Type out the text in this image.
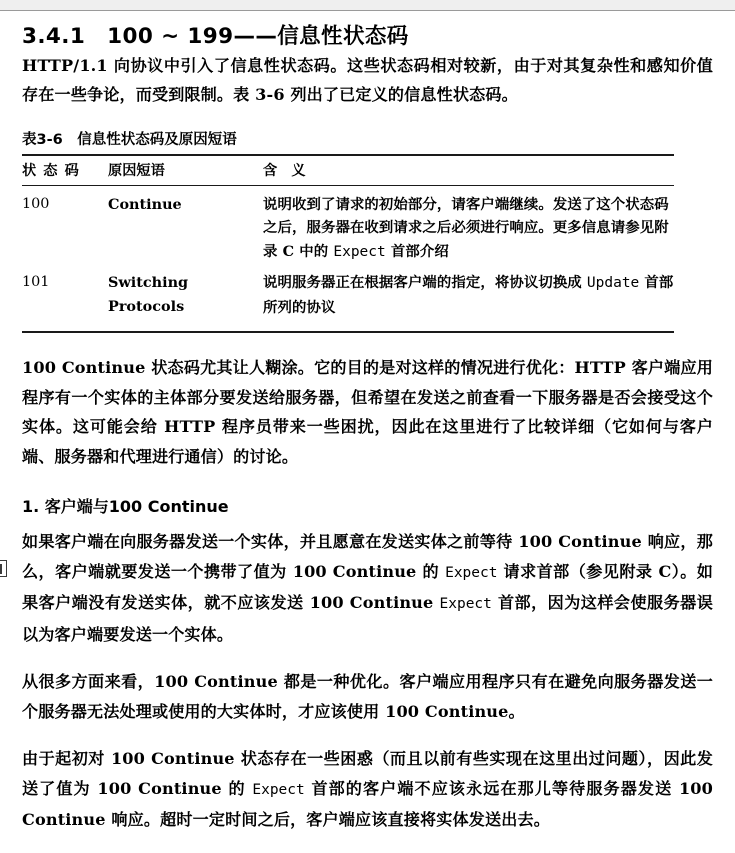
3.4.1 100 ~ 199——信息性状态码

HTTP/1.1 向协议中引入了信息性状态码。这些状态码相对较新，由于对其复杂性和感知价值存在一些争论，而受到限制。表 3-6 列出了已定义的信息性状态码。

表3-6 信息性状态码及原因短语
状 态 码	原因短语	含 义
100	Continue	说明收到了请求的初始部分，请客户端继续。发送了这个状态码之后，服务器在收到请求之后必须进行响应。更多信息请参见附录 C 中的 Expect 首部介绍
101	Switching Protocols	说明服务器正在根据客户端的指定，将协议切换成 Update 首部所列的协议

100 Continue 状态码尤其让人糊涂。它的目的是对这样的情况进行优化：HTTP 客户端应用程序有一个实体的主体部分要发送给服务器，但希望在发送之前查看一下服务器是否会接受这个实体。这可能会给 HTTP 程序员带来一些困扰，因此在这里进行了比较详细（它如何与客户端、服务器和代理进行通信）的讨论。

1. 客户端与100 Continue

如果客户端在向服务器发送一个实体，并且愿意在发送实体之前等待 100 Continue 响应，那么，客户端就要发送一个携带了值为 100 Continue 的 Expect 请求首部（参见附录 C）。如果客户端没有发送实体，就不应该发送 100 Continue Expect 首部，因为这样会使服务器误以为客户端要发送一个实体。

从很多方面来看，100 Continue 都是一种优化。客户端应用程序只有在避免向服务器发送一个服务器无法处理或使用的大实体时，才应该使用 100 Continue。

由于起初对 100 Continue 状态存在一些困惑（而且以前有些实现在这里出过问题），因此发送了值为 100 Continue 的 Expect 首部的客户端不应该永远在那儿等待服务器发送 100 Continue 响应。超时一定时间之后，客户端应该直接将实体发送出去。
